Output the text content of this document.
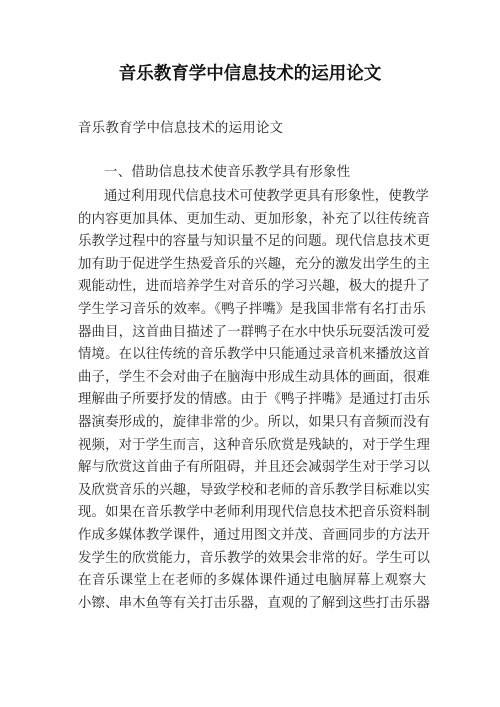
音乐教育学中信息技术的运用论文

音乐教育学中信息技术的运用论文

一、借助信息技术使音乐教学具有形象性

通过利用现代信息技术可使教学更具有形象性，使教学
的内容更加具体、更加生动、更加形象，补充了以往传统音
乐教学过程中的容量与知识量不足的问题。现代信息技术更
加有助于促进学生热爱音乐的兴趣，充分的激发出学生的主
观能动性，进而培养学生对音乐的学习兴趣，极大的提升了
学生学习音乐的效率。《鸭子拌嘴》是我国非常有名打击乐
器曲目，这首曲目描述了一群鸭子在水中快乐玩耍活泼可爱
情境。在以往传统的音乐教学中只能通过录音机来播放这首
曲子，学生不会对曲子在脑海中形成生动具体的画面，很难
理解曲子所要抒发的情感。由于《鸭子拌嘴》是通过打击乐
器演奏形成的，旋律非常的少。所以，如果只有音频而没有
视频，对于学生而言，这种音乐欣赏是残缺的，对于学生理
解与欣赏这首曲子有所阻碍，并且还会减弱学生对于学习以
及欣赏音乐的兴趣，导致学校和老师的音乐教学目标难以实
现。如果在音乐教学中老师利用现代信息技术把音乐资料制
作成多媒体教学课件，通过用图文并茂、音画同步的方法开
发学生的欣赏能力，音乐教学的效果会非常的好。学生可以
在音乐课堂上在老师的多媒体课件通过电脑屏幕上观察大
小镲、串木鱼等有关打击乐器，直观的了解到这些打击乐器
